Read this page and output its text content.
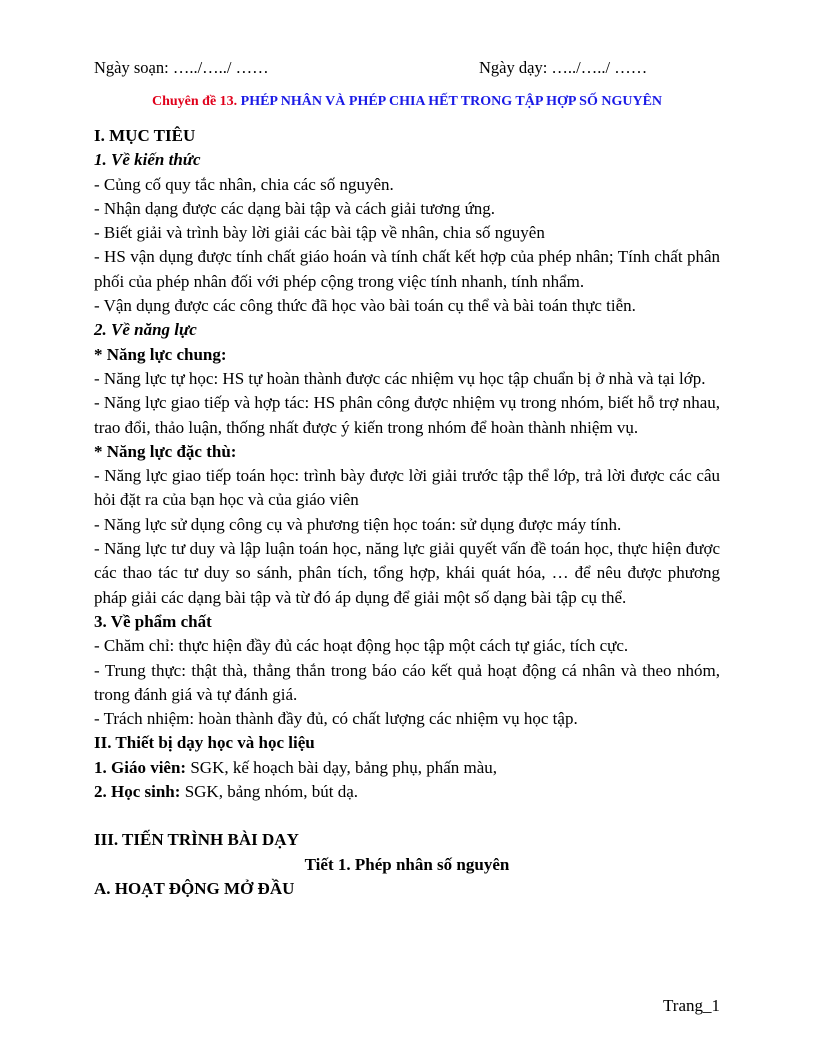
Ngày soạn: …../…../ ……	Ngày dạy: …../…../ ……
Chuyên đề 13. PHÉP NHÂN VÀ PHÉP CHIA HẾT TRONG TẬP HỢP SỐ NGUYÊN

I. MỤC TIÊU

1. Về kiến thức

- Củng cố quy tắc nhân, chia các số nguyên.

- Nhận dạng được các dạng bài tập và cách giải tương ứng.

- Biết giải và trình bày lời giải các bài tập về nhân, chia số nguyên

- HS vận dụng được tính chất giáo hoán và tính chất kết hợp của phép nhân; Tính chất phân phối của phép nhân đối với phép cộng trong việc tính nhanh, tính nhẩm.

- Vận dụng được các công thức đã học vào bài toán cụ thể và bài toán thực tiễn.

2. Về năng lực

* Năng lực chung:

- Năng lực tự học: HS tự hoàn thành được các nhiệm vụ học tập chuẩn bị ở nhà và tại lớp.

- Năng lực giao tiếp và hợp tác: HS phân công được nhiệm vụ trong nhóm, biết hỗ trợ nhau, trao đổi, thảo luận, thống nhất được ý kiến trong nhóm để hoàn thành nhiệm vụ.

* Năng lực đặc thù:

- Năng lực giao tiếp toán học: trình bày được lời giải trước tập thể lớp, trả lời được các câu hỏi đặt ra của bạn học và của giáo viên

- Năng lực sử dụng công cụ và phương tiện học toán: sử dụng được máy tính.

- Năng lực tư duy và lập luận toán học, năng lực giải quyết vấn đề toán học, thực hiện được các thao tác tư duy so sánh, phân tích, tổng hợp, khái quát hóa, … để nêu được phương pháp giải các dạng bài tập và từ đó áp dụng để giải một số dạng bài tập cụ thể.

3. Về phẩm chất

- Chăm chỉ: thực hiện đầy đủ các hoạt động học tập một cách tự giác, tích cực.

- Trung thực: thật thà, thẳng thắn trong báo cáo kết quả hoạt động cá nhân và theo nhóm, trong đánh giá và tự đánh giá.

- Trách nhiệm: hoàn thành đầy đủ, có chất lượng các nhiệm vụ học tập.

II. Thiết bị dạy học và học liệu

1. Giáo viên: SGK, kế hoạch bài dạy, bảng phụ, phấn màu,

2. Học sinh: SGK, bảng nhóm, bút dạ.

III. TIẾN TRÌNH BÀI DẠY

Tiết 1. Phép nhân số nguyên

A. HOẠT ĐỘNG MỞ ĐẦU

Trang_1
